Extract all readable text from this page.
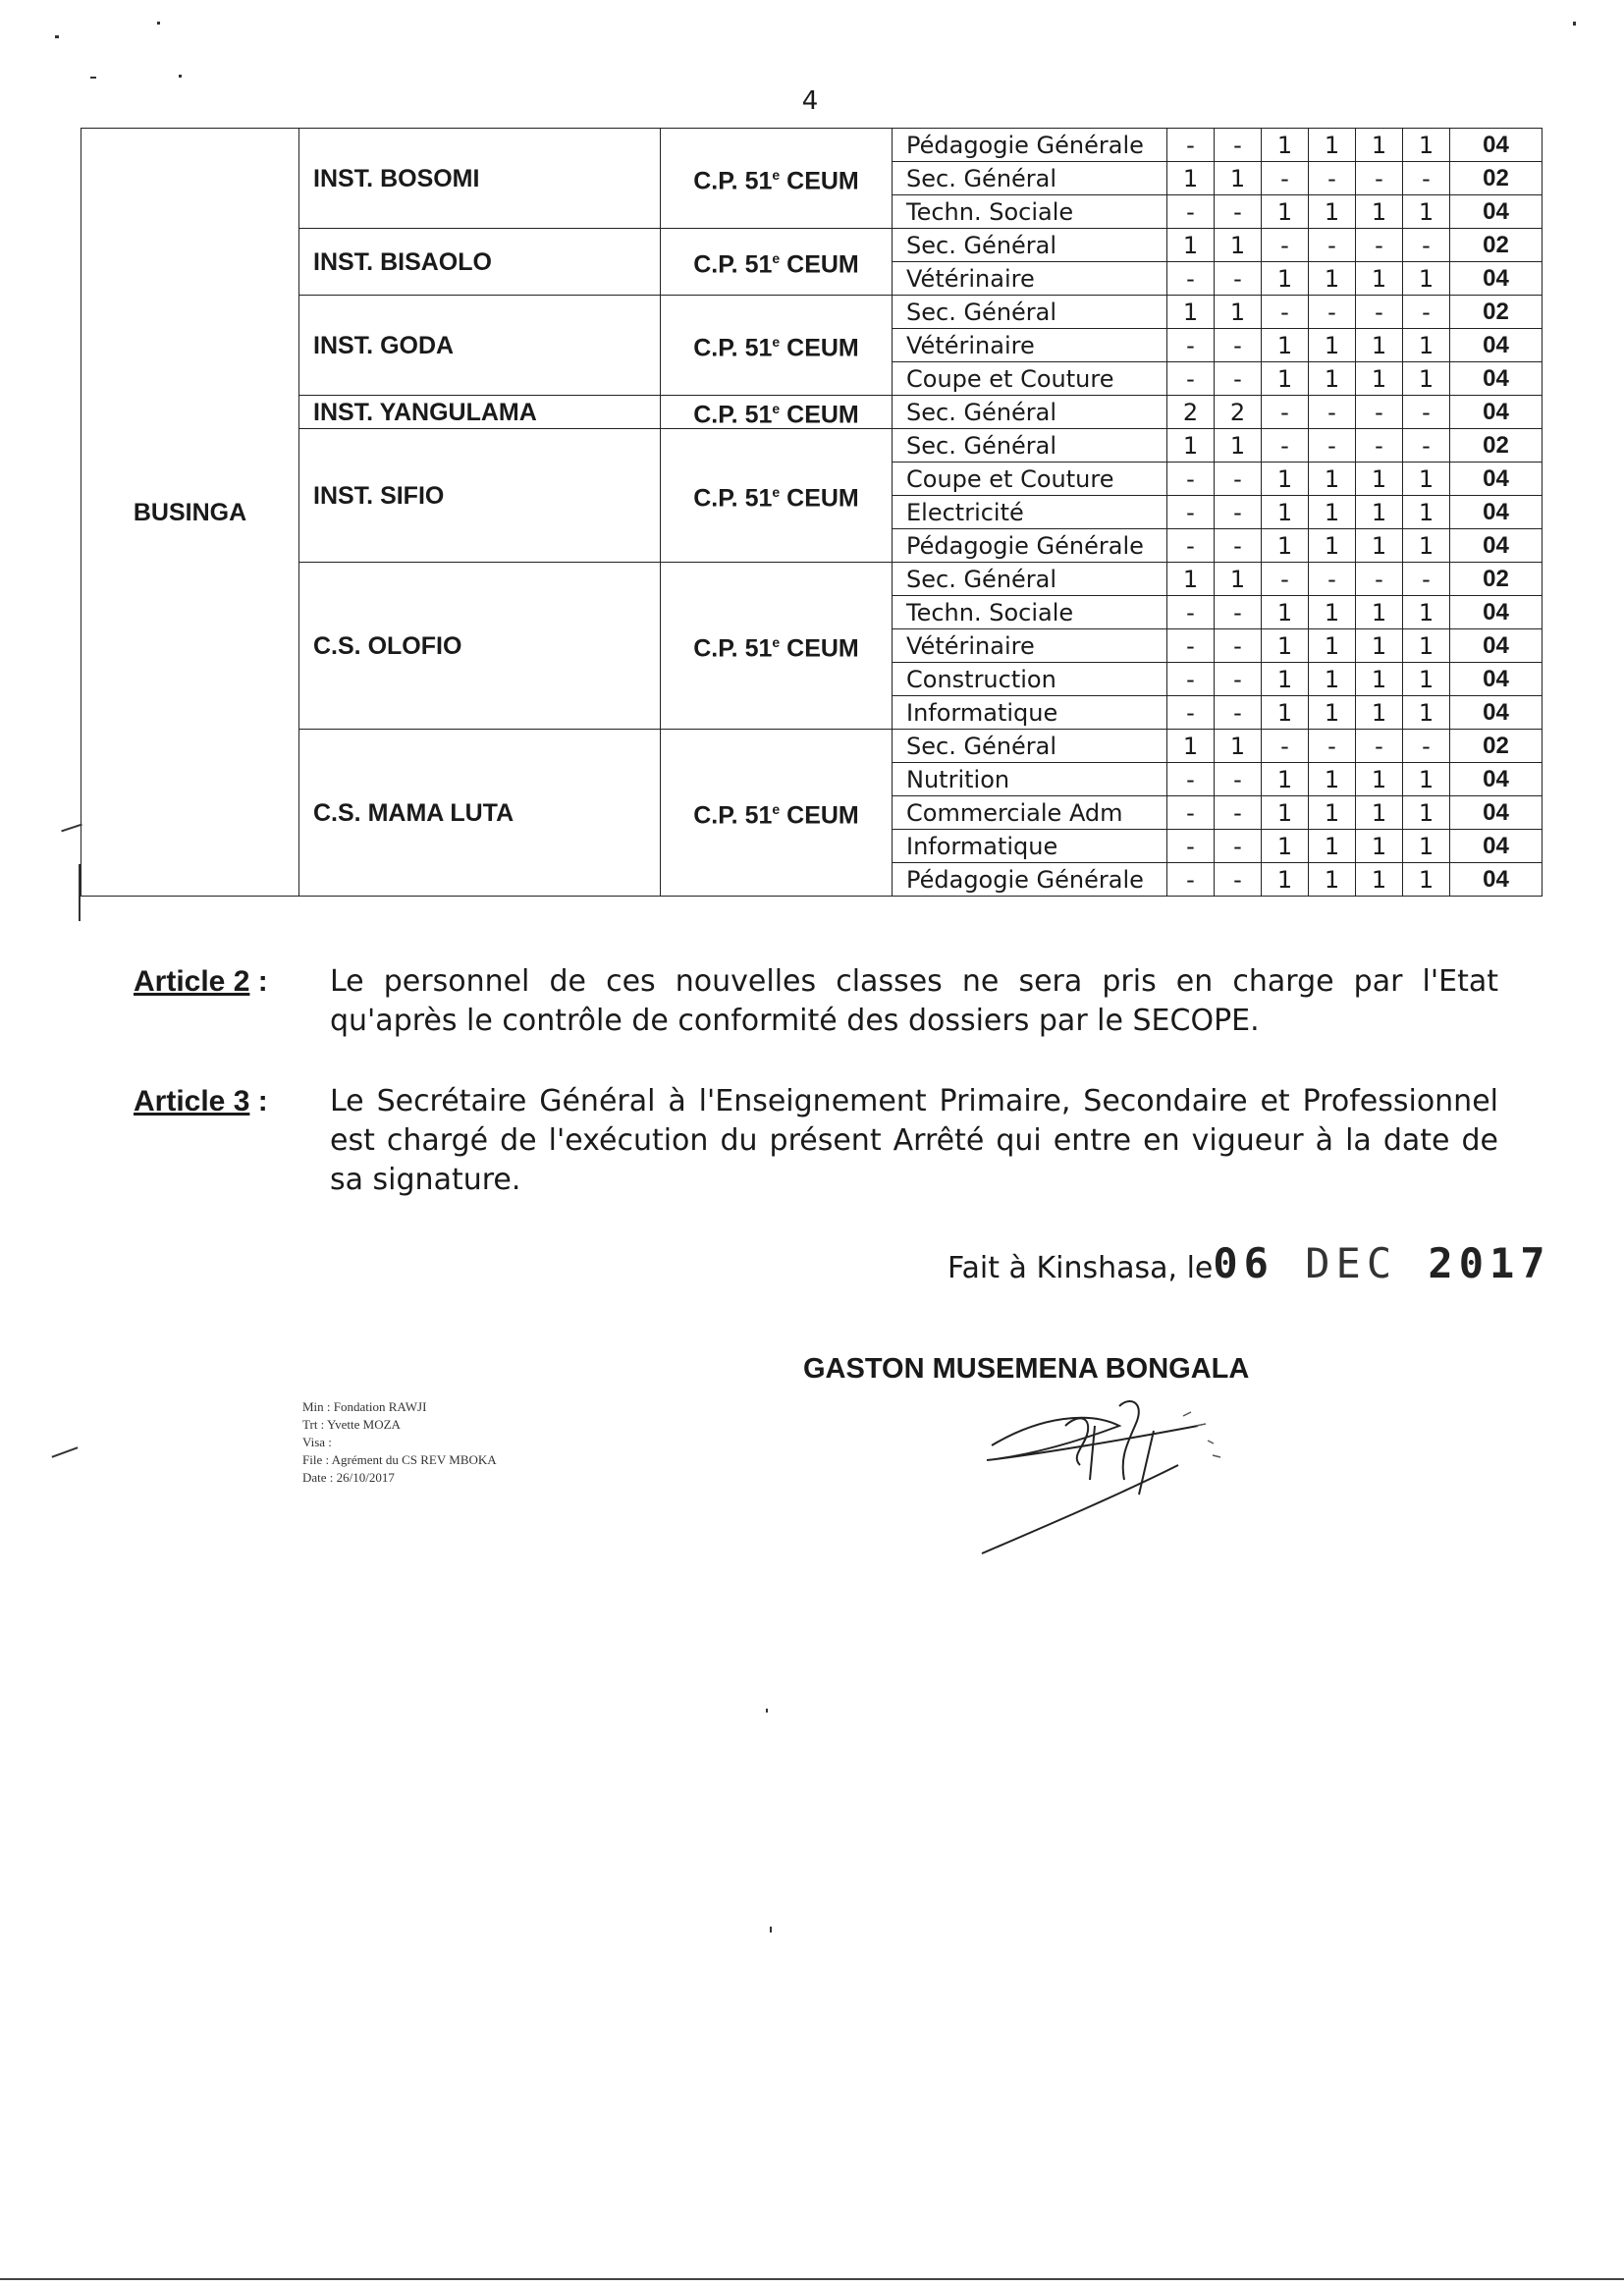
4
BUSINGA	INST. BOSOMI	C.P. 51e CEUM	Pédagogie Générale	-	-	1	1	1	1	04
			Sec. Général	1	1	-	-	-	-	02
			Techn. Sociale	-	-	1	1	1	1	04
	INST. BISAOLO	C.P. 51e CEUM	Sec. Général	1	1	-	-	-	-	02
			Vétérinaire	-	-	1	1	1	1	04
	INST. GODA	C.P. 51e CEUM	Sec. Général	1	1	-	-	-	-	02
			Vétérinaire	-	-	1	1	1	1	04
			Coupe et Couture	-	-	1	1	1	1	04
	INST. YANGULAMA	C.P. 51e CEUM	Sec. Général	2	2	-	-	-	-	04
	INST. SIFIO	C.P. 51e CEUM	Sec. Général	1	1	-	-	-	-	02
			Coupe et Couture	-	-	1	1	1	1	04
			Electricité	-	-	1	1	1	1	04
			Pédagogie Générale	-	-	1	1	1	1	04
	C.S. OLOFIO	C.P. 51e CEUM	Sec. Général	1	1	-	-	-	-	02
			Techn. Sociale	-	-	1	1	1	1	04
			Vétérinaire	-	-	1	1	1	1	04
			Construction	-	-	1	1	1	1	04
			Informatique	-	-	1	1	1	1	04
	C.S. MAMA LUTA	C.P. 51e CEUM	Sec. Général	1	1	-	-	-	-	02
			Nutrition	-	-	1	1	1	1	04
			Commerciale Adm	-	-	1	1	1	1	04
			Informatique	-	-	1	1	1	1	04
			Pédagogie Générale	-	-	1	1	1	1	04
Article 2 : Le personnel de ces nouvelles classes ne sera pris en charge par l'Etat qu'après le contrôle de conformité des dossiers par le SECOPE.
Article 3 : Le Secrétaire Général à l'Enseignement Primaire, Secondaire et Professionnel est chargé de l'exécution du présent Arrêté qui entre en vigueur à la date de sa signature.
Fait à Kinshasa, le06 DEC 2017
GASTON MUSEMENA BONGALA
Min : Fondation RAWJI
Trt : Yvette MOZA
Visa :
File : Agrément du CS REV MBOKA
Date : 26/10/2017
